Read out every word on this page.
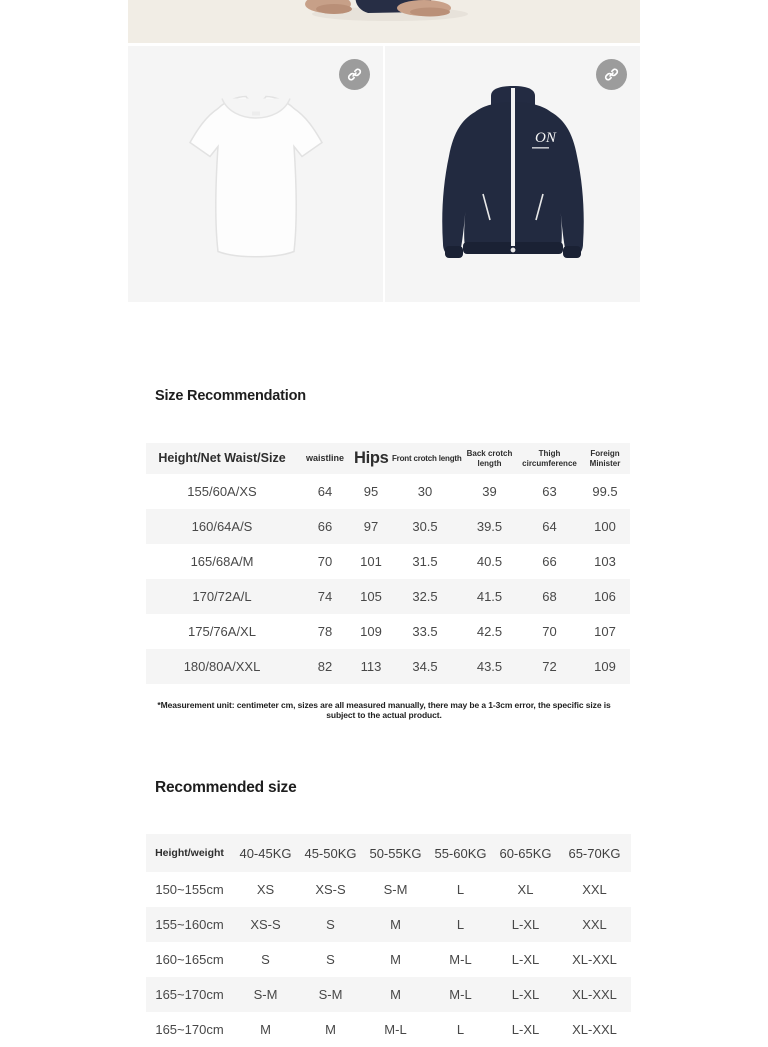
ON
Size Recommendation
Height/Net Waist/Size	waistline	Hips	Front crotch length	Back crotch length	Thigh circumference	Foreign Minister
155/60A/XS	64	95	30	39	63	99.5
160/64A/S	66	97	30.5	39.5	64	100
165/68A/M	70	101	31.5	40.5	66	103
170/72A/L	74	105	32.5	41.5	68	106
175/76A/XL	78	109	33.5	42.5	70	107
180/80A/XXL	82	113	34.5	43.5	72	109
*Measurement unit: centimeter cm, sizes are all measured manually, there may be a 1-3cm error, the specific size is subject to the actual product.
Recommended size
Height/weight	40-45KG	45-50KG	50-55KG	55-60KG	60-65KG	65-70KG
150~155cm	XS	XS-S	S-M	L	XL	XXL
155~160cm	XS-S	S	M	L	L-XL	XXL
160~165cm	S	S	M	M-L	L-XL	XL-XXL
165~170cm	S-M	S-M	M	M-L	L-XL	XL-XXL
165~170cm	M	M	M-L	L	L-XL	XL-XXL
